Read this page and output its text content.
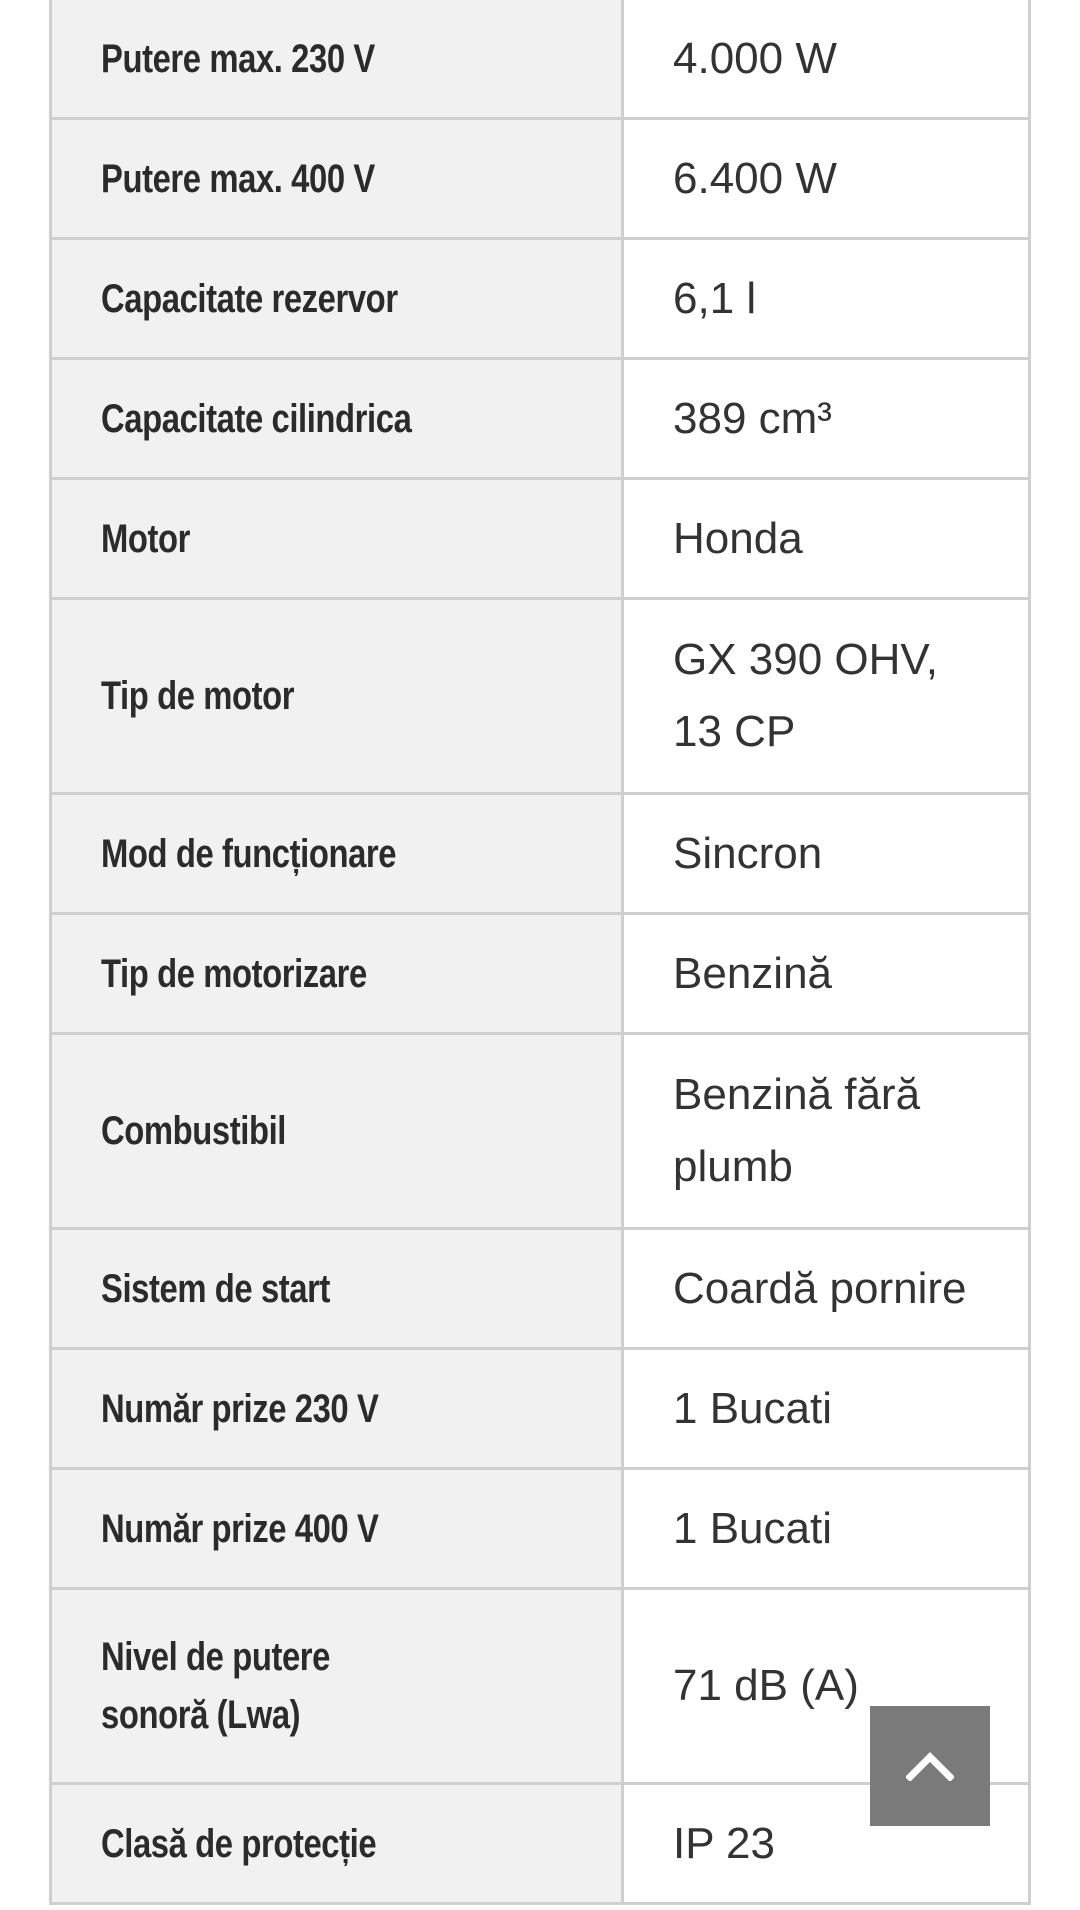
Putere max. 230 V	4.000 W
Putere max. 400 V	6.400 W
Capacitate rezervor	6,1 l
Capacitate cilindrica	389 cm³
Motor	Honda
Tip de motor	GX 390 OHV, 13 CP
Mod de funcționare	Sincron
Tip de motorizare	Benzină
Combustibil	Benzină fără plumb
Sistem de start	Coardă pornire
Număr prize 230 V	1 Bucati
Număr prize 400 V	1 Bucati
Nivel de putere sonoră (Lwa)	71 dB (A)
Clasă de protecție	IP 23
